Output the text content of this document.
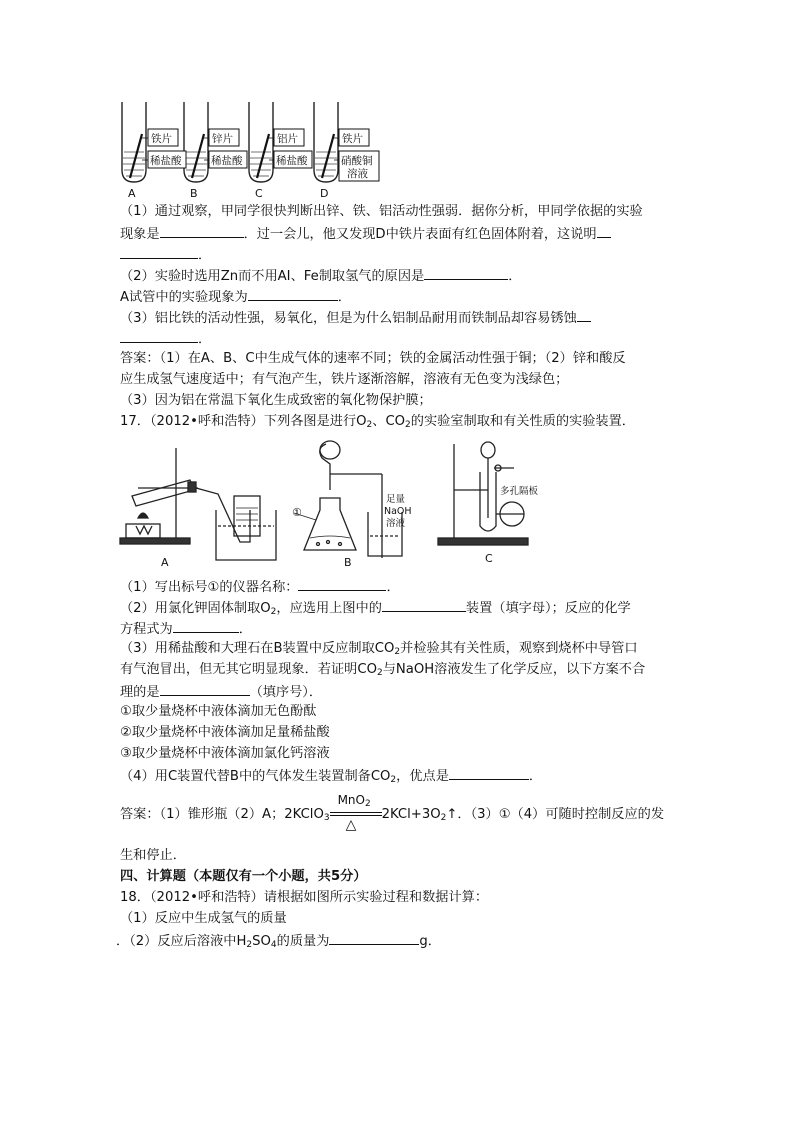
铁片
稀盐酸
锌片
稀盐酸
铝片
稀盐酸
铁片
硝酸铜
溶液
A	B	C	D
（1）通过观察，甲同学很快判断出锌、铁、铝活动性强弱．据你分析，甲同学依据的实验
现象是	．过一会儿，他又发现D中铁片表面有红色固体附着，这说明
．
（2）实验时选用Zn而不用AI、Fe制取氢气的原因是	．
A试管中的实验现象为	．
（3）铝比铁的活动性强，易氧化，但是为什么铝制品耐用而铁制品却容易锈蚀
．
答案：（1）在A、B、C中生成气体的速率不同；铁的金属活动性强于铜；（2）锌和酸反
应生成氢气速度适中；有气泡产生，铁片逐渐溶解，溶液有无色变为浅绿色；
（3）因为铝在常温下氧化生成致密的氧化物保护膜；
17．（2012•呼和浩特）下列各图是进行$O_2$、$CO_2$的实验室制取和有关性质的实验装置．
A	B	C
①
足量
NaOH
溶液
多孔隔板
（1）写出标号①的仪器名称：	．
（2）用氯化钾固体制取$O_2$，应选用上图中的	装置（填字母）；反应的化学
方程式为	．
（3）用稀盐酸和大理石在B装置中反应制取$CO_2$并检验其有关性质，观察到烧杯中导管口
有气泡冒出，但无其它明显现象．若证明$CO_2$与NaOH溶液发生了化学反应，以下方案不合
理的是	（填序号）．
①取少量烧杯中液体滴加无色酚酞
②取少量烧杯中液体滴加足量稀盐酸
③取少量烧杯中液体滴加氯化钙溶液
（4）用C装置代替B中的气体发生装置制备$CO_2$，优点是	．
答案：（1）锥形瓶（2）A；2KClO$_3$
MnO$_2$
△
$2KCl+3O_2↑$．（3）①（4）可随时控制反应的发
生和停止．
四、计算题（本题仅有一个小题，共5分）
18．（2012•呼和浩特）请根据如图所示实验过程和数据计算：
（1）反应中生成氢气的质量
．（2）反应后溶液中$H_2SO_4$的质量为	g．
